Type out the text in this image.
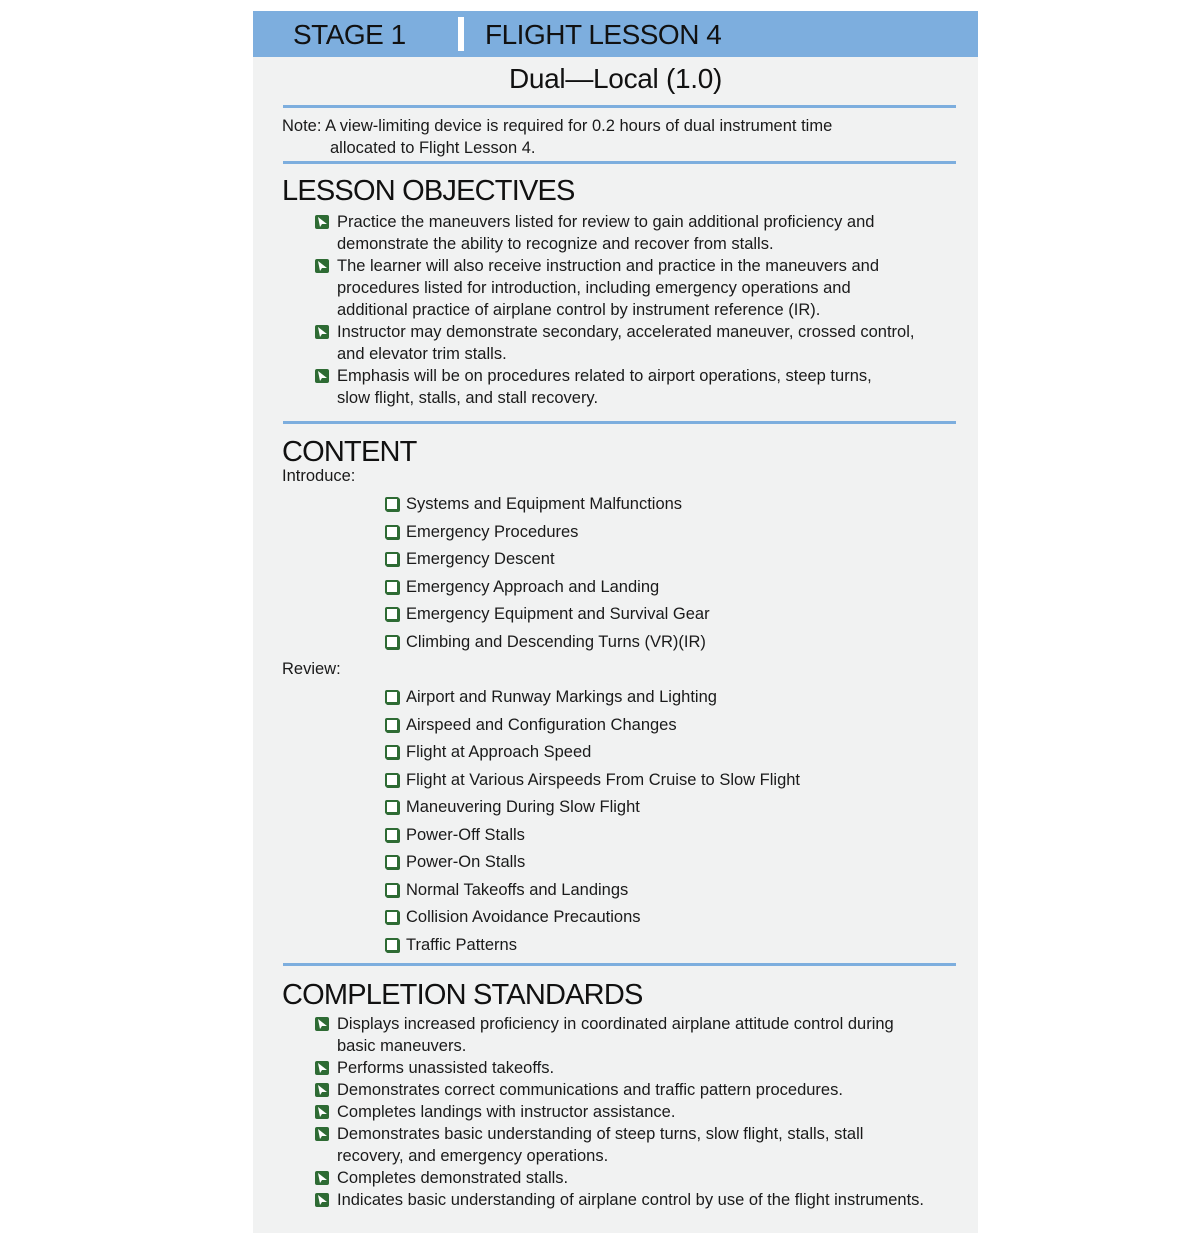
STAGE 1	FLIGHT LESSON 4
Dual—Local (1.0)
Note: A view-limiting device is required for 0.2 hours of dual instrument time
allocated to Flight Lesson 4.
LESSON OBJECTIVES
Practice the maneuvers listed for review to gain additional proficiency and
demonstrate the ability to recognize and recover from stalls.
The learner will also receive instruction and practice in the maneuvers and
procedures listed for introduction, including emergency operations and
additional practice of airplane control by instrument reference (IR).
Instructor may demonstrate secondary, accelerated maneuver, crossed control,
and elevator trim stalls.
Emphasis will be on procedures related to airport operations, steep turns,
slow flight, stalls, and stall recovery.
CONTENT
Introduce:
Systems and Equipment Malfunctions
Emergency Procedures
Emergency Descent
Emergency Approach and Landing
Emergency Equipment and Survival Gear
Climbing and Descending Turns (VR)(IR)
Review:
Airport and Runway Markings and Lighting
Airspeed and Configuration Changes
Flight at Approach Speed
Flight at Various Airspeeds From Cruise to Slow Flight
Maneuvering During Slow Flight
Power-Off Stalls
Power-On Stalls
Normal Takeoffs and Landings
Collision Avoidance Precautions
Traffic Patterns
COMPLETION STANDARDS
Displays increased proficiency in coordinated airplane attitude control during
basic maneuvers.
Performs unassisted takeoffs.
Demonstrates correct communications and traffic pattern procedures.
Completes landings with instructor assistance.
Demonstrates basic understanding of steep turns, slow flight, stalls, stall
recovery, and emergency operations.
Completes demonstrated stalls.
Indicates basic understanding of airplane control by use of the flight instruments.
